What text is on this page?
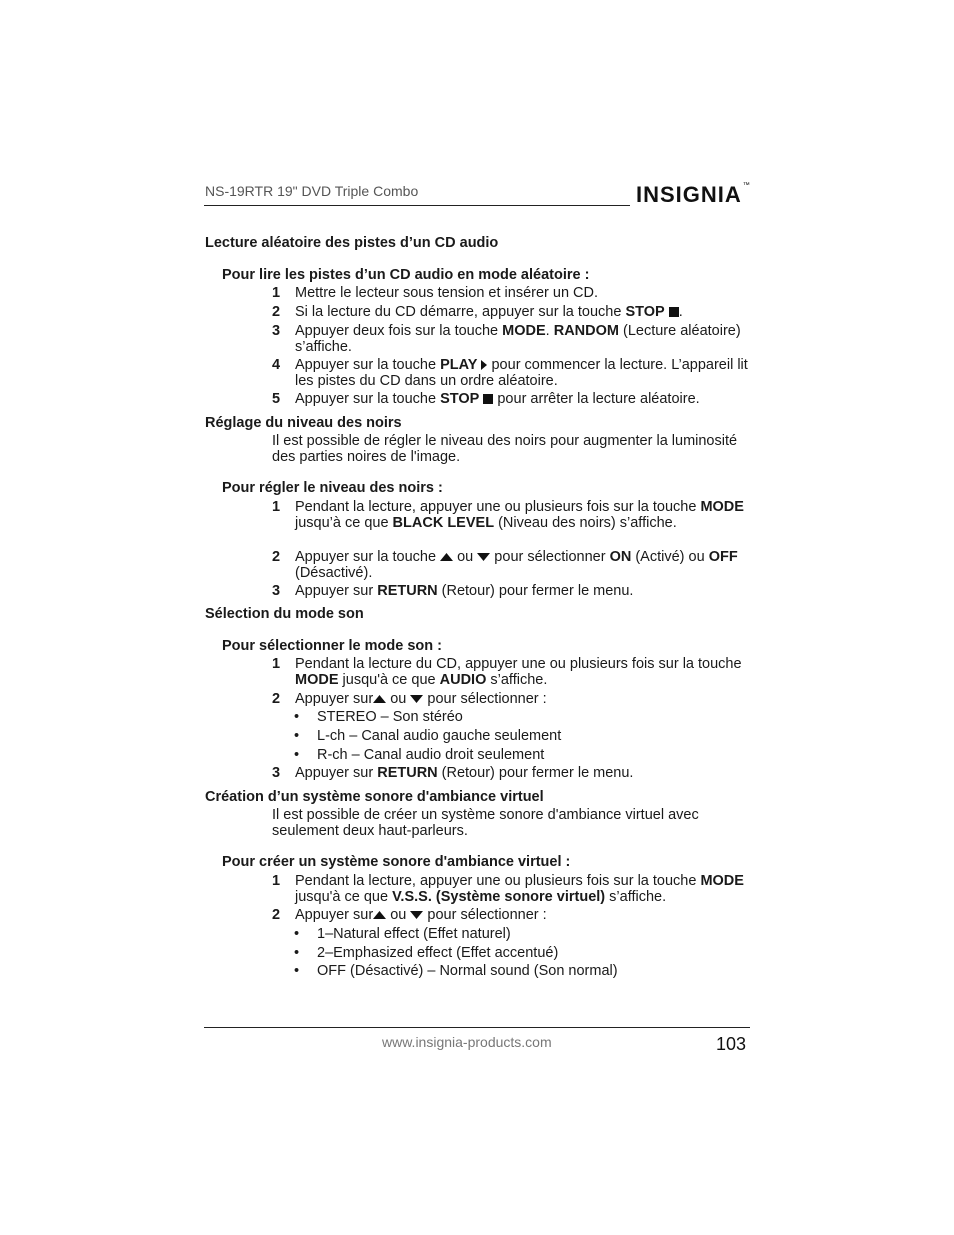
NS-19RTR 19" DVD Triple Combo	INSIGNIA™
Lecture aléatoire des pistes d’un CD audio
Pour lire les pistes d’un CD audio en mode aléatoire :
1 Mettre le lecteur sous tension et insérer un CD.
2 Si la lecture du CD démarre, appuyer sur la touche STOP .
3 Appuyer deux fois sur la touche MODE. RANDOM (Lecture aléatoire) s’affiche.
4 Appuyer sur la touche PLAY  pour commencer la lecture. L’appareil lit les pistes du CD dans un ordre aléatoire.
5 Appuyer sur la touche STOP  pour arrêter la lecture aléatoire.
Réglage du niveau des noirs
Il est possible de régler le niveau des noirs pour augmenter la luminosité des parties noires de l'image.
Pour régler le niveau des noirs :
1 Pendant la lecture, appuyer une ou plusieurs fois sur la touche MODE jusqu’à ce que BLACK LEVEL (Niveau des noirs) s’affiche.
2 Appuyer sur la touche  ou  pour sélectionner ON (Activé) ou OFF (Désactivé).
3 Appuyer sur RETURN (Retour) pour fermer le menu.
Sélection du mode son
Pour sélectionner le mode son :
1 Pendant la lecture du CD, appuyer une ou plusieurs fois sur la touche MODE jusqu'à ce que AUDIO s’affiche.
2 Appuyer sur ou  pour sélectionner :
• STEREO – Son stéréo
• L-ch – Canal audio gauche seulement
• R-ch – Canal audio droit seulement
3 Appuyer sur RETURN (Retour) pour fermer le menu.
Création d’un système sonore d'ambiance virtuel
Il est possible de créer un système sonore d'ambiance virtuel avec seulement deux haut-parleurs.
Pour créer un système sonore d'ambiance virtuel :
1 Pendant la lecture, appuyer une ou plusieurs fois sur la touche MODE jusqu'à ce que V.S.S. (Système sonore virtuel) s’affiche.
2 Appuyer sur ou  pour sélectionner :
• 1–Natural effect (Effet naturel)
• 2–Emphasized effect (Effet accentué)
• OFF (Désactivé) – Normal sound (Son normal)
www.insignia-products.com	103
